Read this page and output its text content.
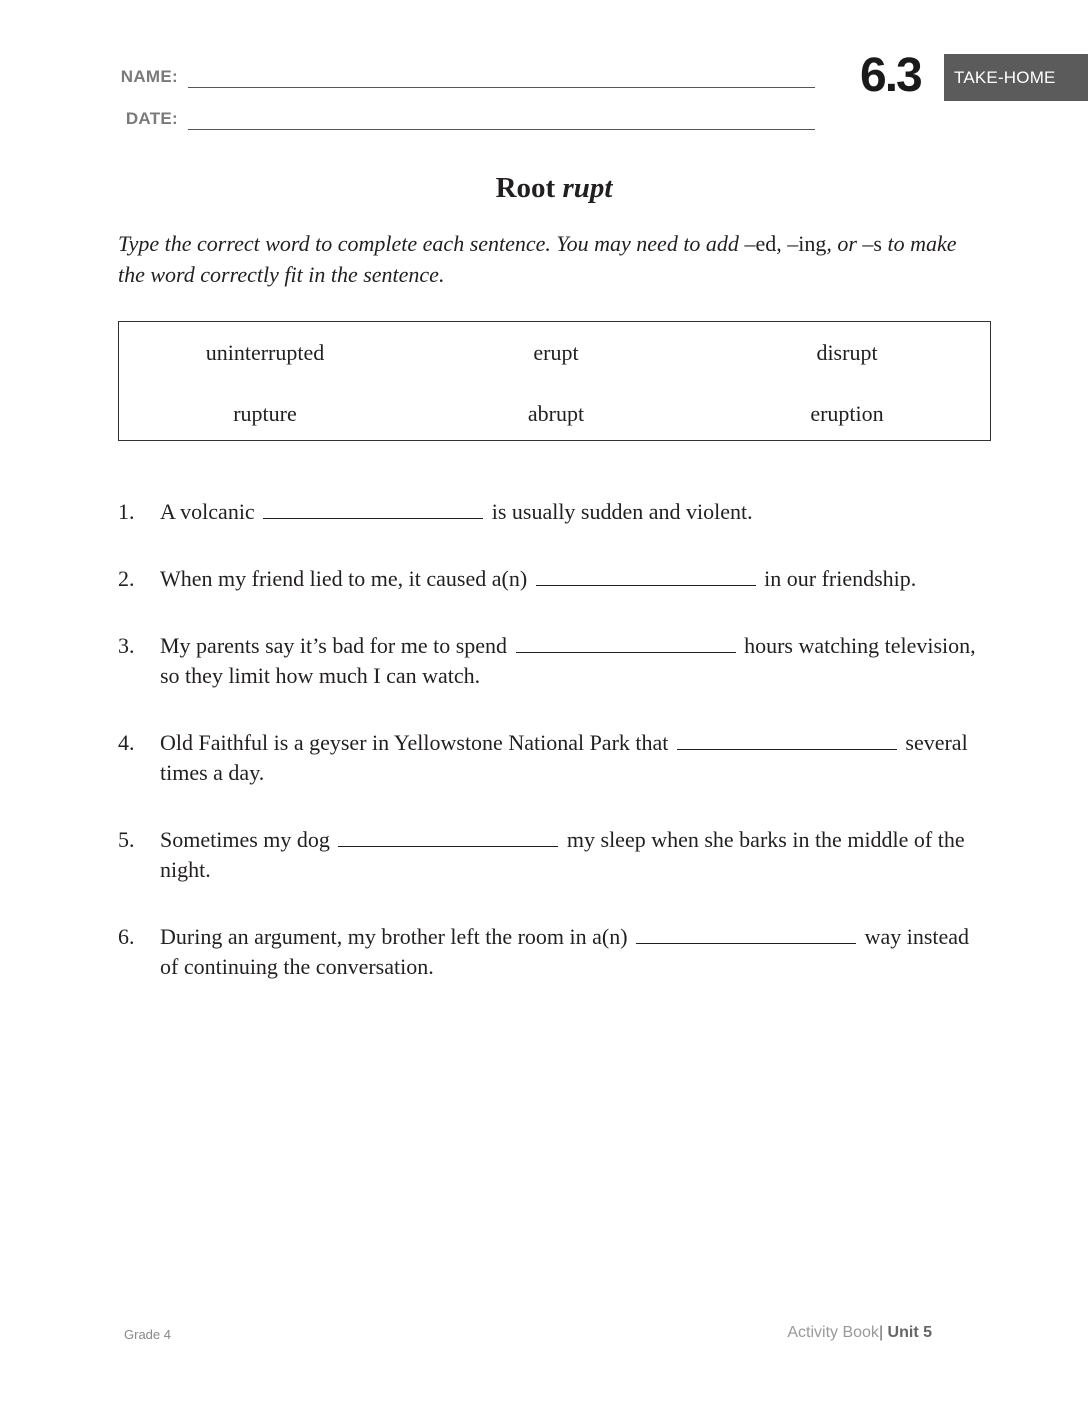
NAME:
DATE:
6.3	TAKE-HOME
Root rupt
Type the correct word to complete each sentence. You may need to add –ed, –ing, or –s to make the word correctly fit in the sentence.
uninterrupted	erupt	disrupt
rupture	abrupt	eruption
1. A volcanic	is usually sudden and violent.
2. When my friend lied to me, it caused a(n)	in our friendship.
3. My parents say it’s bad for me to spend	hours watching television, so they limit how much I can watch.
4. Old Faithful is a geyser in Yellowstone National Park that	several times a day.
5. Sometimes my dog	my sleep when she barks in the middle of the night.
6. During an argument, my brother left the room in a(n)	way instead of continuing the conversation.
Grade 4	Activity Book| Unit 5
